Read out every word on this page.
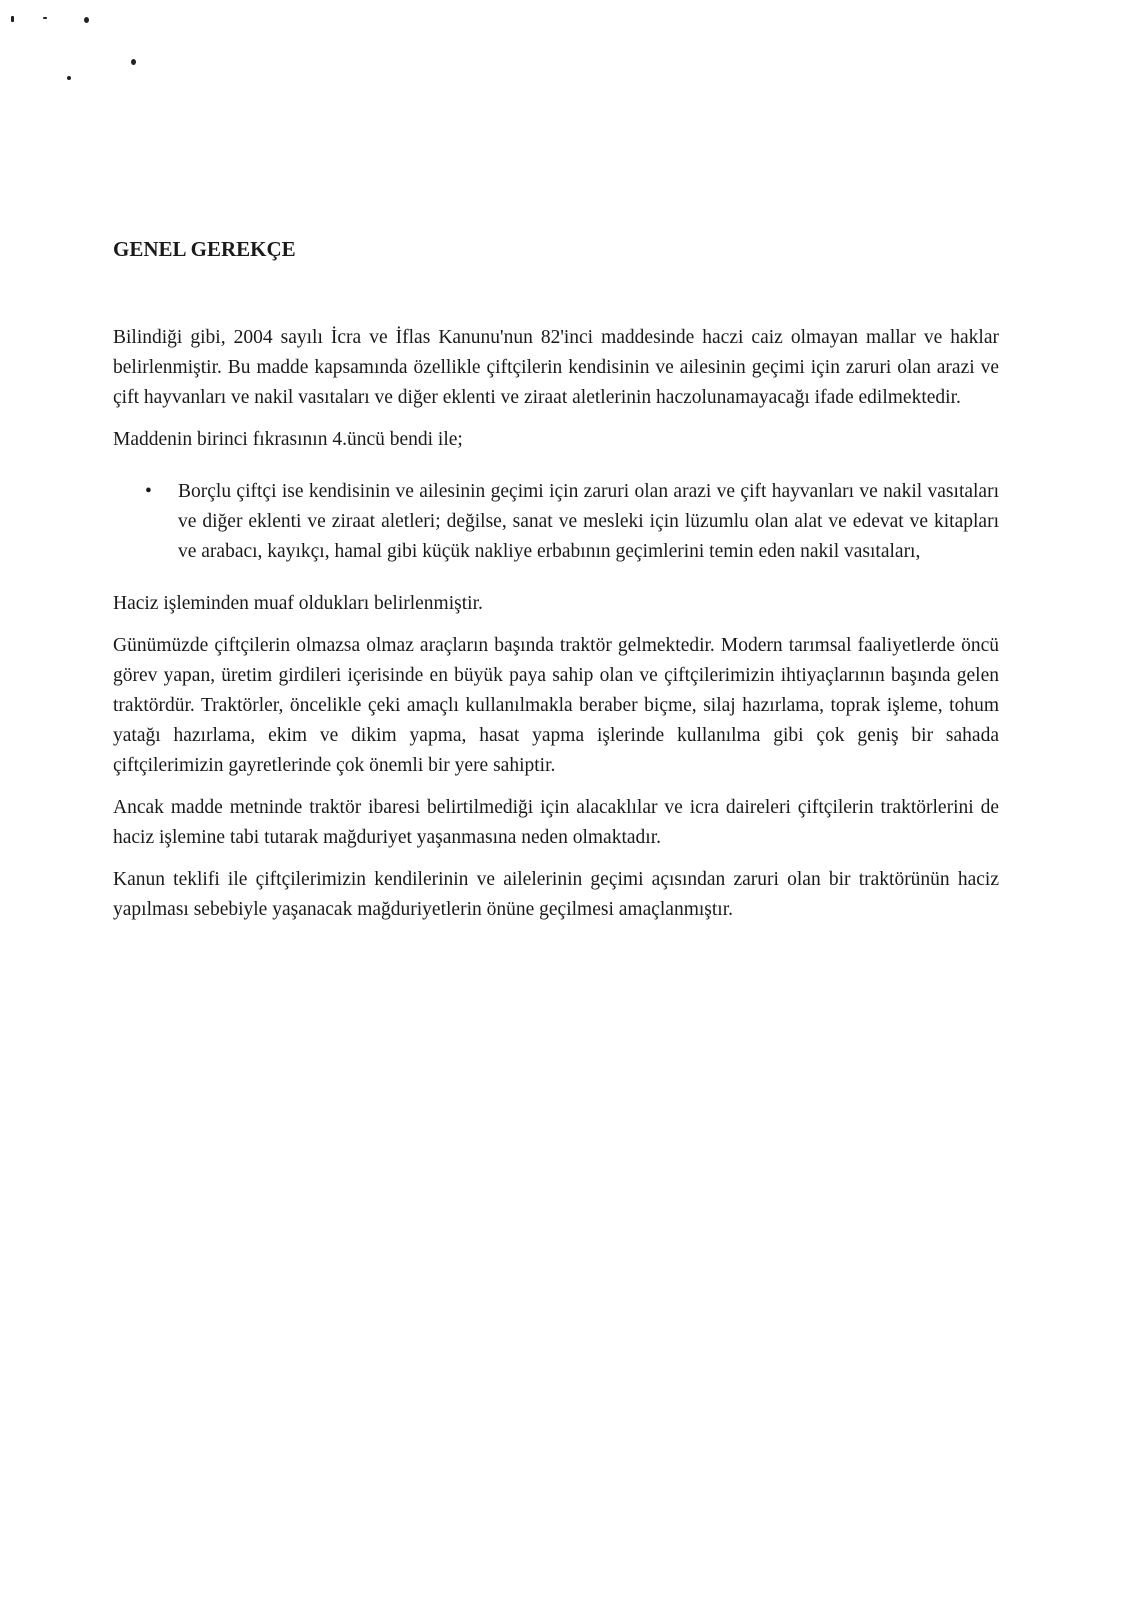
GENEL GEREKÇE

Bilindiği gibi, 2004 sayılı İcra ve İflas Kanunu'nun 82'inci maddesinde haczi caiz olmayan mallar ve haklar belirlenmiştir. Bu madde kapsamında özellikle çiftçilerin kendisinin ve ailesinin geçimi için zaruri olan arazi ve çift hayvanları ve nakil vasıtaları ve diğer eklenti ve ziraat aletlerinin haczolunamayacağı ifade edilmektedir.

Maddenin birinci fıkrasının 4.üncü bendi ile;

• Borçlu çiftçi ise kendisinin ve ailesinin geçimi için zaruri olan arazi ve çift hayvanları ve nakil vasıtaları ve diğer eklenti ve ziraat aletleri; değilse, sanat ve mesleki için lüzumlu olan alat ve edevat ve kitapları ve arabacı, kayıkçı, hamal gibi küçük nakliye erbabının geçimlerini temin eden nakil vasıtaları,

Haciz işleminden muaf oldukları belirlenmiştir.

Günümüzde çiftçilerin olmazsa olmaz araçların başında traktör gelmektedir. Modern tarımsal faaliyetlerde öncü görev yapan, üretim girdileri içerisinde en büyük paya sahip olan ve çiftçilerimizin ihtiyaçlarının başında gelen traktördür. Traktörler, öncelikle çeki amaçlı kullanılmakla beraber biçme, silaj hazırlama, toprak işleme, tohum yatağı hazırlama, ekim ve dikim yapma, hasat yapma işlerinde kullanılma gibi çok geniş bir sahada çiftçilerimizin gayretlerinde çok önemli bir yere sahiptir.

Ancak madde metninde traktör ibaresi belirtilmediği için alacaklılar ve icra daireleri çiftçilerin traktörlerini de haciz işlemine tabi tutarak mağduriyet yaşanmasına neden olmaktadır.

Kanun teklifi ile çiftçilerimizin kendilerinin ve ailelerinin geçimi açısından zaruri olan bir traktörünün haciz yapılması sebebiyle yaşanacak mağduriyetlerin önüne geçilmesi amaçlanmıştır.
